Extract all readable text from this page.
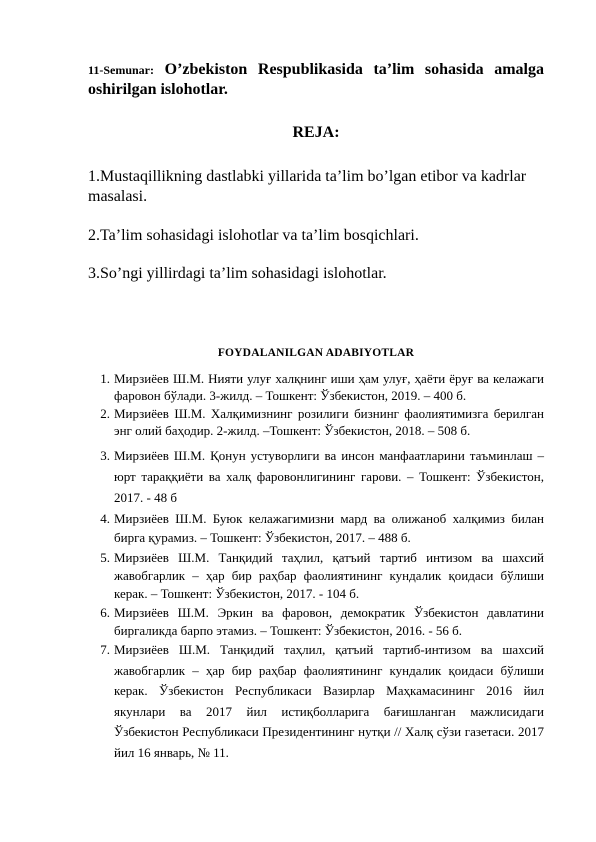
11-Semunar: O’zbekiston Respublikasida ta’lim sohasida amalga oshirilgan islohotlar.
REJA:

1.Mustaqillikning dastlabki yillarida ta’lim bo’lgan etibor va kadrlar masalasi.

2.Ta’lim sohasidagi islohotlar va ta’lim bosqichlari.

3.So’ngi yillirdagi ta’lim sohasidagi islohotlar.

FOYDALANILGAN ADABIYOTLAR
1. Мирзиёев Ш.М. Нияти улуғ халқнинг иши ҳам улуғ, ҳаёти ёруғ ва келажаги фаровон бўлади. 3-жилд. – Тошкент: Ўзбекистон, 2019. – 400 б.
2. Мирзиёев Ш.М. Халқимизнинг розилиги бизнинг фаолиятимизга берилган энг олий баҳодир. 2-жилд. –Тошкент: Ўзбекистон, 2018. – 508 б.
3. Мирзиёев Ш.М. Қонун устуворлиги ва инсон манфаатларини таъминлаш – юрт тараққиёти ва халқ фаровонлигининг гарови. – Тошкент: Ўзбекистон, 2017. - 48 б
4. Мирзиёев Ш.М. Буюк келажагимизни мард ва олижаноб халқимиз билан бирга қурамиз. – Тошкент: Ўзбекистон, 2017. – 488 б.
5. Мирзиёев Ш.М. Танқидий таҳлил, қатъий тартиб интизом ва шахсий жавобгарлик – ҳар бир раҳбар фаолиятининг кундалик қоидаси бўлиши керак. – Тошкент: Ўзбекистон, 2017. - 104 б.
6. Мирзиёев Ш.М. Эркин ва фаровон, демократик Ўзбекистон давлатини биргаликда барпо этамиз. – Тошкент: Ўзбекистон, 2016. - 56 б.
7. Мирзиёев Ш.М. Танқидий таҳлил, қатъий тартиб-интизом ва шахсий жавобгарлик – ҳар бир раҳбар фаолиятининг кундалик қоидаси бўлиши керак. Ўзбекистон Республикаси Вазирлар Маҳкамасининг 2016 йил якунлари ва 2017 йил истиқболларига бағишланган мажлисидаги Ўзбекистон Республикаси Президентининг нутқи // Халқ сўзи газетаси. 2017 йил 16 январь, № 11.
